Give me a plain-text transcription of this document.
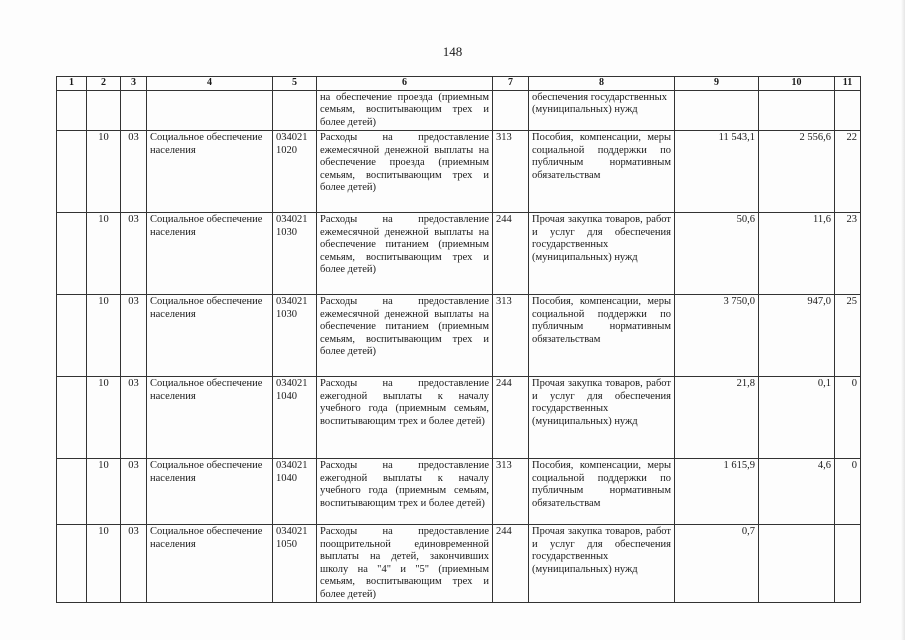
148
1	2	3	4	5	6	7	8	9	10	11
					на обеспечение проезда (приемным семьям, воспитывающим трех и более детей)		обеспечения государственных (муниципальных) нужд			
	10	03	Социальное обеспечение населения	034021 1020	Расходы на предоставление ежемесячной денежной выплаты на обеспечение проезда (приемным семьям, воспитывающим трех и более детей)	313	Пособия, компенсации, меры социальной поддержки по публичным нормативным обязательствам	11 543,1	2 556,6	22
	10	03	Социальное обеспечение населения	034021 1030	Расходы на предоставление ежемесячной денежной выплаты на обеспечение питанием (приемным семьям, воспитывающим трех и более детей)	244	Прочая закупка товаров, работ и услуг для обеспечения государственных (муниципальных) нужд	50,6	11,6	23
	10	03	Социальное обеспечение населения	034021 1030	Расходы на предоставление ежемесячной денежной выплаты на обеспечение питанием (приемным семьям, воспитывающим трех и более детей)	313	Пособия, компенсации, меры социальной поддержки по публичным нормативным обязательствам	3 750,0	947,0	25
	10	03	Социальное обеспечение населения	034021 1040	Расходы на предоставление ежегодной выплаты к началу учебного года (приемным семьям, воспитывающим трех и более детей)	244	Прочая закупка товаров, работ и услуг для обеспечения государственных (муниципальных) нужд	21,8	0,1	0
	10	03	Социальное обеспечение населения	034021 1040	Расходы на предоставление ежегодной выплаты к началу учебного года (приемным семьям, воспитывающим трех и более детей)	313	Пособия, компенсации, меры социальной поддержки по публичным нормативным обязательствам	1 615,9	4,6	0
	10	03	Социальное обеспечение населения	034021 1050	Расходы на предоставление поощрительной единовременной выплаты на детей, закончивших школу на "4" и "5" (приемным семьям, воспитывающим трех и более детей)	244	Прочая закупка товаров, работ и услуг для обеспечения государственных (муниципальных) нужд	0,7		
